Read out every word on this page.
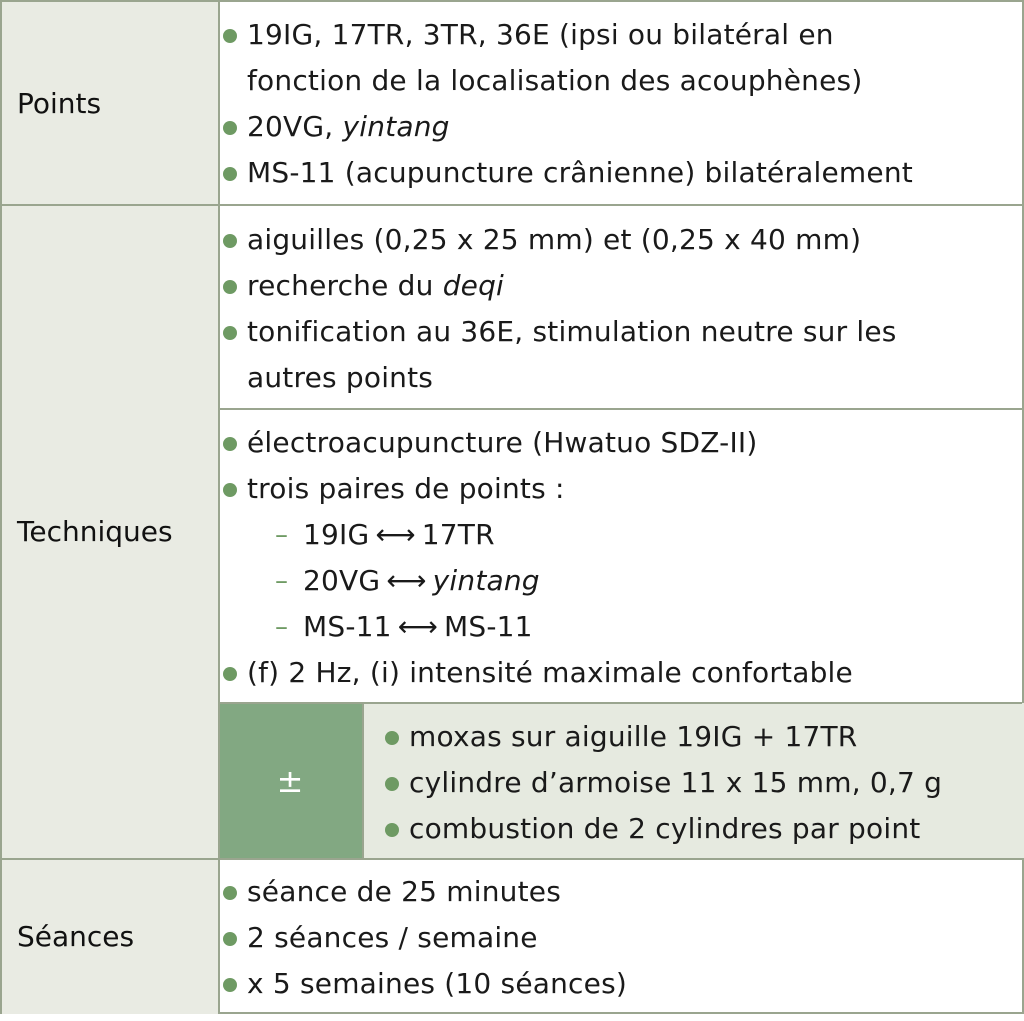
Points
Techniques
Séances
19IG, 17TR, 3TR, 36E (ipsi ou bilatéral en
fonction de la localisation des acouphènes)
20VG, yintang
MS-11 (acupuncture crânienne) bilatéralement
aiguilles (0,25 x 25 mm) et (0,25 x 40 mm)
recherche du deqi
tonification au 36E, stimulation neutre sur les
autres points
électroacupuncture (Hwatuo SDZ-II)
trois paires de points :
– 19IG ⟷ 17TR
– 20VG ⟷ yintang
– MS-11 ⟷ MS-11
(f) 2 Hz, (i) intensité maximale confortable
±
moxas sur aiguille 19IG + 17TR
cylindre d’armoise 11 x 15 mm, 0,7 g
combustion de 2 cylindres par point
séance de 25 minutes
2 séances / semaine
x 5 semaines (10 séances)
